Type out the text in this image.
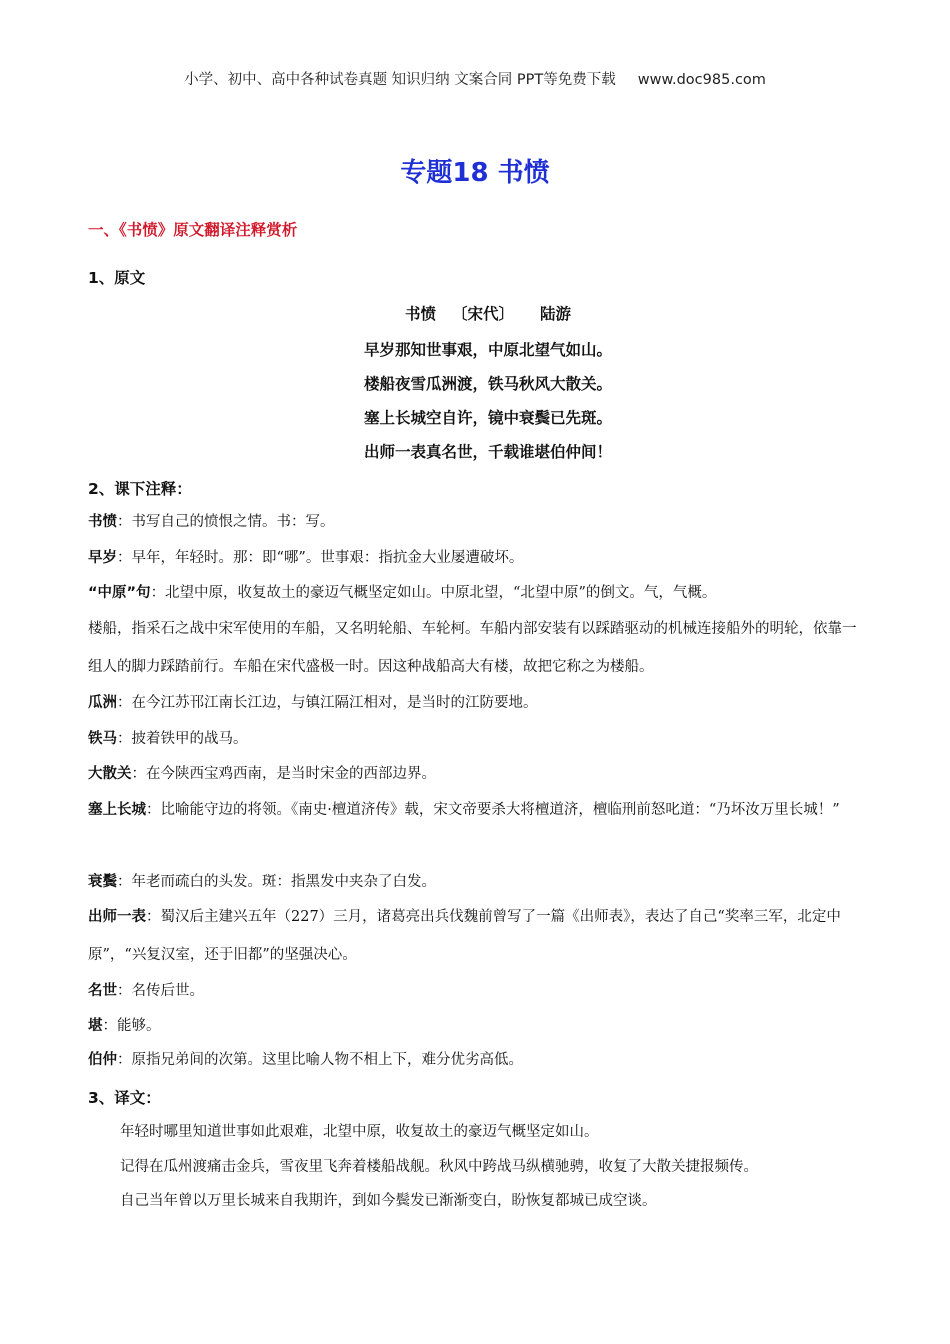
小学、初中、高中各种试卷真题 知识归纳 文案合同 PPT等免费下载 www.doc985.com
专题18 书愤
一、《书愤》原文翻译注释赏析
1、原文
书愤 〔宋代〕 陆游
早岁那知世事艰，中原北望气如山。
楼船夜雪瓜洲渡，铁马秋风大散关。
塞上长城空自许，镜中衰鬓已先斑。
出师一表真名世，千载谁堪伯仲间！
2、课下注释：
书愤：书写自己的愤恨之情。书：写。
早岁：早年，年轻时。那：即“哪”。世事艰：指抗金大业屡遭破坏。
“中原”句：北望中原，收复故土的豪迈气概坚定如山。中原北望，“北望中原”的倒文。气，气概。
楼船，指采石之战中宋军使用的车船，又名明轮船、车轮柯。车船内部安装有以踩踏驱动的机械连接船外的明轮，依靠一组人的脚力踩踏前行。车船在宋代盛极一时。因这种战船高大有楼，故把它称之为楼船。
瓜洲：在今江苏邗江南长江边，与镇江隔江相对，是当时的江防要地。
铁马：披着铁甲的战马。
大散关：在今陕西宝鸡西南，是当时宋金的西部边界。
塞上长城：比喻能守边的将领。《南史·檀道济传》载，宋文帝要杀大将檀道济，檀临刑前怒叱道：“乃坏汝万里长城！”
衰鬓：年老而疏白的头发。斑：指黑发中夹杂了白发。
出师一表：蜀汉后主建兴五年（227）三月，诸葛亮出兵伐魏前曾写了一篇《出师表》，表达了自己“奖率三军，北定中原”，“兴复汉室，还于旧都”的坚强决心。
名世：名传后世。
堪：能够。
伯仲：原指兄弟间的次第。这里比喻人物不相上下，难分优劣高低。
3、译文：
年轻时哪里知道世事如此艰难，北望中原，收复故土的豪迈气概坚定如山。
记得在瓜州渡痛击金兵，雪夜里飞奔着楼船战舰。秋风中跨战马纵横驰骋，收复了大散关捷报频传。
自己当年曾以万里长城来自我期许，到如今鬓发已渐渐变白，盼恢复都城已成空谈。
